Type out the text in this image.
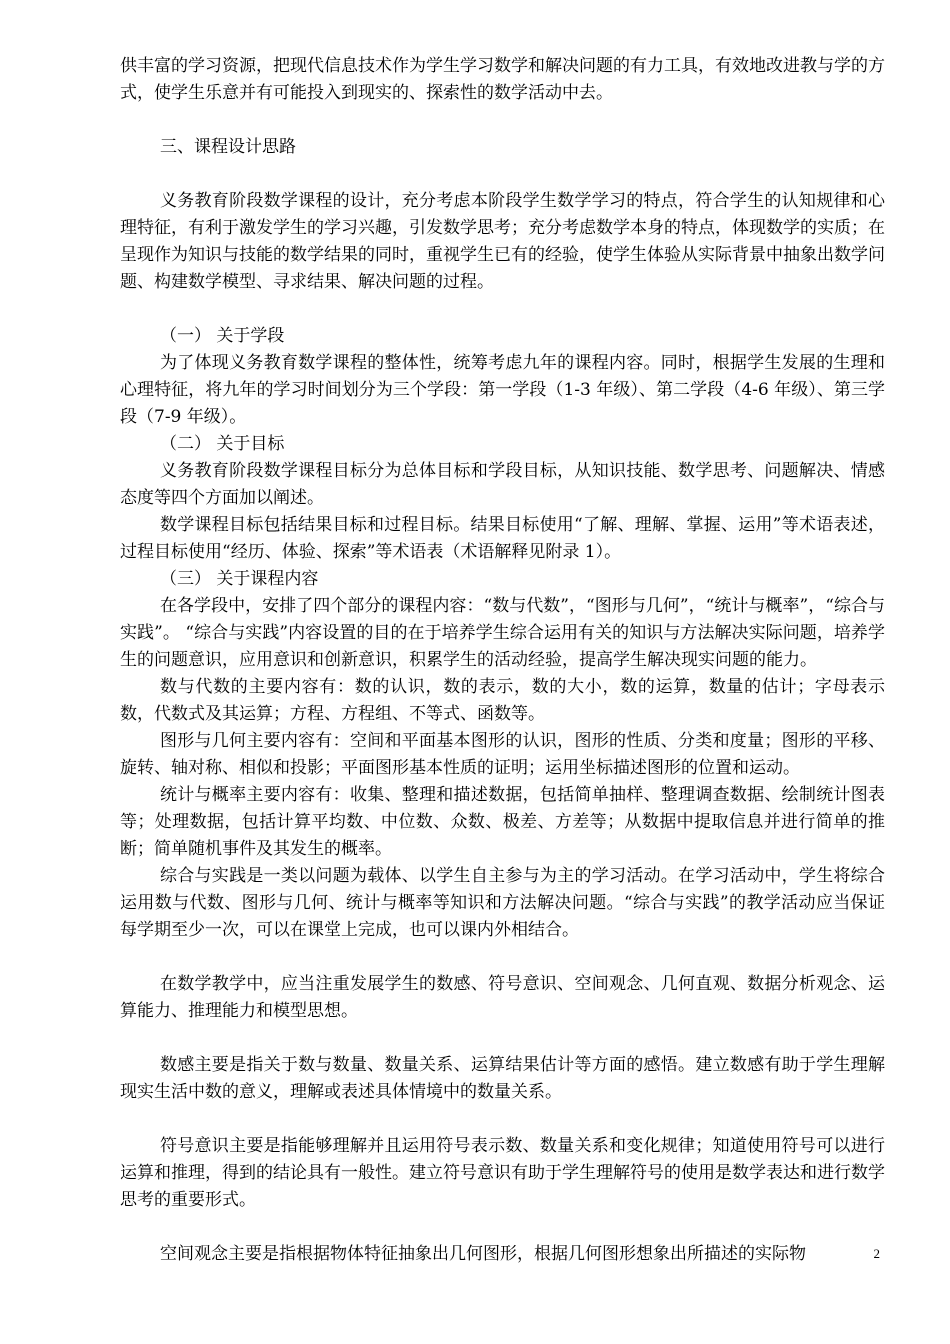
供丰富的学习资源，把现代信息技术作为学生学习数学和解决问题的有力工具，有效地改进教与学的方式，使学生乐意并有可能投入到现实的、探索性的数学活动中去。

三、课程设计思路

义务教育阶段数学课程的设计，充分考虑本阶段学生数学学习的特点，符合学生的认知规律和心理特征，有利于激发学生的学习兴趣，引发数学思考；充分考虑数学本身的特点，体现数学的实质；在呈现作为知识与技能的数学结果的同时，重视学生已有的经验，使学生体验从实际背景中抽象出数学问题、构建数学模型、寻求结果、解决问题的过程。

（一） 关于学段

为了体现义务教育数学课程的整体性，统筹考虑九年的课程内容。同时，根据学生发展的生理和心理特征，将九年的学习时间划分为三个学段：第一学段（1-3 年级）、第二学段（4-6 年级）、第三学段（7-9 年级）。

（二） 关于目标

义务教育阶段数学课程目标分为总体目标和学段目标，从知识技能、数学思考、问题解决、情感态度等四个方面加以阐述。

数学课程目标包括结果目标和过程目标。结果目标使用“了解、理解、掌握、运用”等术语表述，过程目标使用“经历、体验、探索”等术语表（术语解释见附录 1）。

（三） 关于课程内容

在各学段中，安排了四个部分的课程内容：“数与代数”，“图形与几何”，“统计与概率”，“综合与实践”。 “综合与实践”内容设置的目的在于培养学生综合运用有关的知识与方法解决实际问题，培养学生的问题意识，应用意识和创新意识，积累学生的活动经验，提高学生解决现实问题的能力。

数与代数的主要内容有：数的认识，数的表示，数的大小，数的运算，数量的估计；字母表示数，代数式及其运算；方程、方程组、不等式、函数等。

图形与几何主要内容有：空间和平面基本图形的认识，图形的性质、分类和度量；图形的平移、旋转、轴对称、相似和投影；平面图形基本性质的证明；运用坐标描述图形的位置和运动。

统计与概率主要内容有：收集、整理和描述数据，包括简单抽样、整理调查数据、绘制统计图表等；处理数据，包括计算平均数、中位数、众数、极差、方差等；从数据中提取信息并进行简单的推断；简单随机事件及其发生的概率。

综合与实践是一类以问题为载体、以学生自主参与为主的学习活动。在学习活动中，学生将综合运用数与代数、图形与几何、统计与概率等知识和方法解决问题。“综合与实践”的教学活动应当保证每学期至少一次，可以在课堂上完成，也可以课内外相结合。

在数学教学中，应当注重发展学生的数感、符号意识、空间观念、几何直观、数据分析观念、运算能力、推理能力和模型思想。

数感主要是指关于数与数量、数量关系、运算结果估计等方面的感悟。建立数感有助于学生理解现实生活中数的意义，理解或表述具体情境中的数量关系。

符号意识主要是指能够理解并且运用符号表示数、数量关系和变化规律；知道使用符号可以进行运算和推理，得到的结论具有一般性。建立符号意识有助于学生理解符号的使用是数学表达和进行数学思考的重要形式。

空间观念主要是指根据物体特征抽象出几何图形，根据几何图形想象出所描述的实际物	2
